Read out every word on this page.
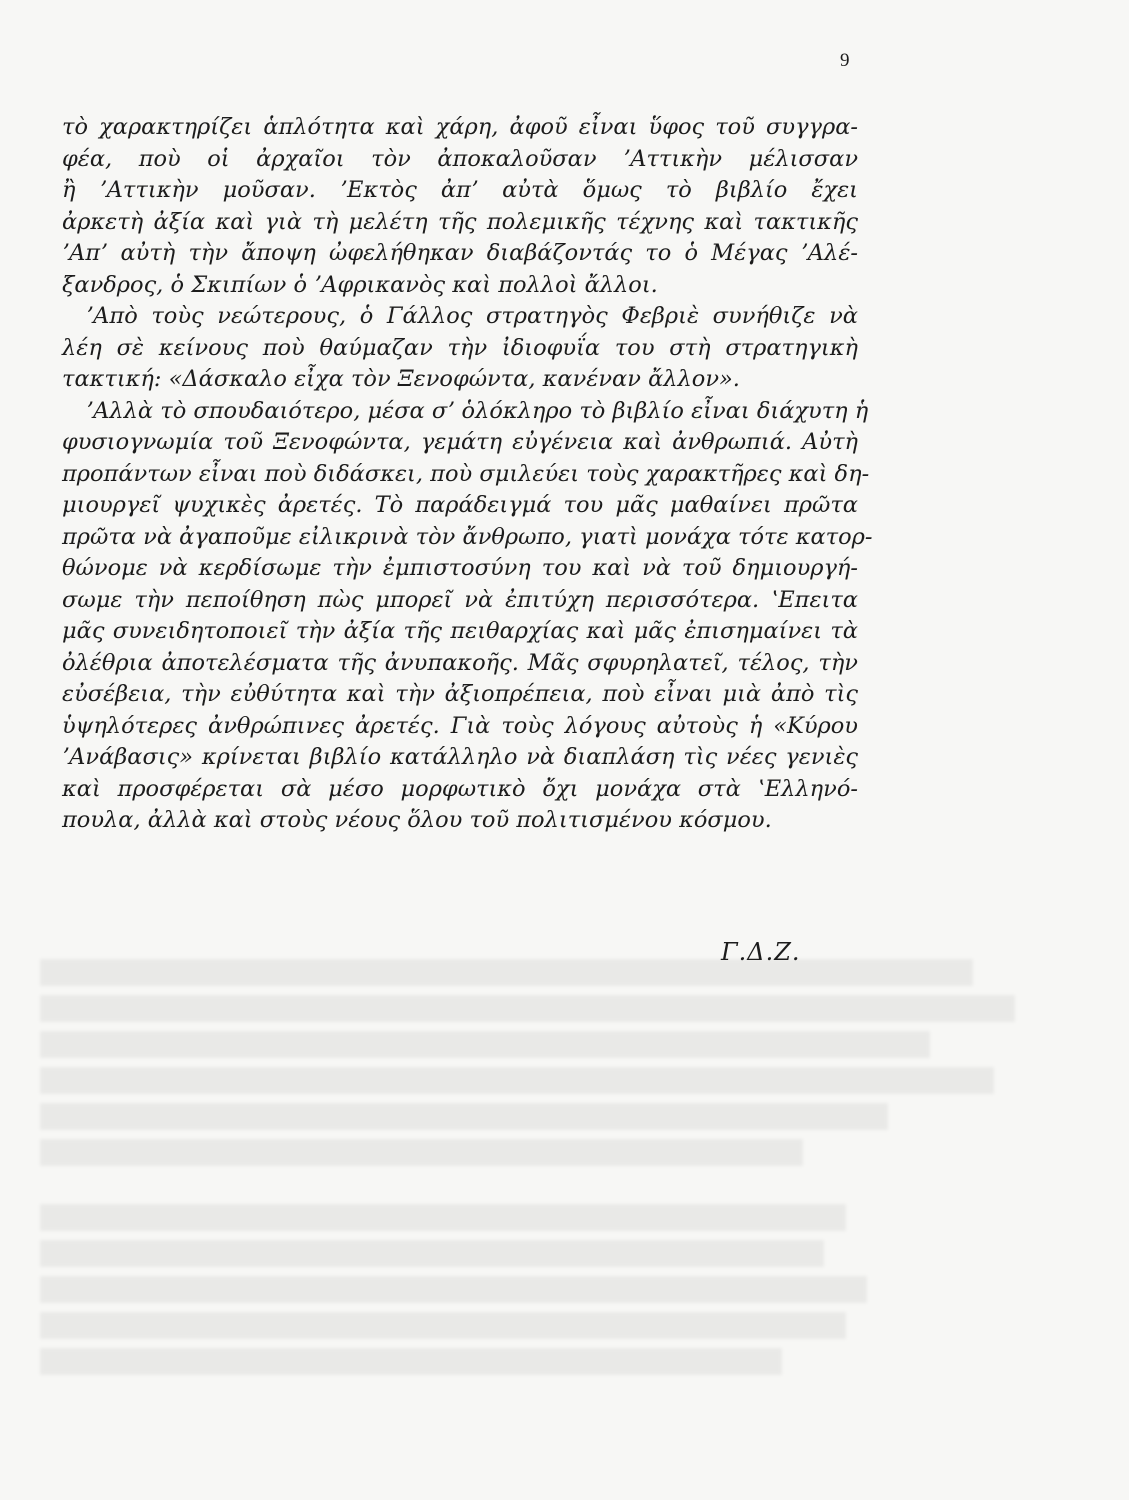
9
τὸ χαρακτηρίζει ἁπλότητα καὶ χάρη, ἀφοῦ εἶναι ὕφος τοῦ συγγρα-
φέα, ποὺ οἱ ἀρχαῖοι τὸν ἀποκαλοῦσαν ʼΑττικὴν μέλισσαν
ἢ ʼΑττικὴν μοῦσαν. ʼΕκτὸς ἀπʼ αὐτὰ ὅμως τὸ βιβλίο ἔχει
ἀρκετὴ ἀξία καὶ γιὰ τὴ μελέτη τῆς πολεμικῆς τέχνης καὶ τακτικῆς
ʼΑπʼ αὐτὴ τὴν ἄποψη ὠφελήθηκαν διαβάζοντάς το ὁ Μέγας ʼΑλέ-
ξανδρος, ὁ Σκιπίων ὁ ʼΑφρικανὸς καὶ πολλοὶ ἄλλοι.
ʼΑπὸ τοὺς νεώτερους, ὁ Γάλλος στρατηγὸς Φεβριὲ συνήθιζε νὰ
λέη σὲ κείνους ποὺ θαύμαζαν τὴν ἰδιοφυΐα του στὴ στρατηγικὴ
τακτική: «Δάσκαλο εἶχα τὸν Ξενοφώντα, κανέναν ἄλλον».
ʼΑλλὰ τὸ σπουδαιότερο, μέσα σʼ ὁλόκληρο τὸ βιβλίο εἶναι διάχυτη ἡ
φυσιογνωμία τοῦ Ξενοφώντα, γεμάτη εὐγένεια καὶ ἀνθρωπιά. Αὐτὴ
προπάντων εἶναι ποὺ διδάσκει, ποὺ σμιλεύει τοὺς χαρακτῆρες καὶ δη-
μιουργεῖ ψυχικὲς ἀρετές. Τὸ παράδειγμά του μᾶς μαθαίνει πρῶτα
πρῶτα νὰ ἀγαποῦμε εἰλικρινὰ τὸν ἄνθρωπο, γιατὶ μονάχα τότε κατορ-
θώνομε νὰ κερδίσωμε τὴν ἐμπιστοσύνη του καὶ νὰ τοῦ δημιουργή-
σωμε τὴν πεποίθηση πὼς μπορεῖ νὰ ἐπιτύχη περισσότερα. ʽΕπειτα
μᾶς συνειδητοποιεῖ τὴν ἀξία τῆς πειθαρχίας καὶ μᾶς ἐπισημαίνει τὰ
ὀλέθρια ἀποτελέσματα τῆς ἀνυπακοῆς. Μᾶς σφυρηλατεῖ, τέλος, τὴν
εὐσέβεια, τὴν εὐθύτητα καὶ τὴν ἀξιοπρέπεια, ποὺ εἶναι μιὰ ἀπὸ τὶς
ὑψηλότερες ἀνθρώπινες ἀρετές. Γιὰ τοὺς λόγους αὐτοὺς ἡ «Κύρου
ʼΑνάβασις» κρίνεται βιβλίο κατάλληλο νὰ διαπλάση τὶς νέες γενιὲς
καὶ προσφέρεται σὰ μέσο μορφωτικὸ ὄχι μονάχα στὰ ʽΕλληνό-
πουλα, ἀλλὰ καὶ στοὺς νέους ὅλου τοῦ πολιτισμένου κόσμου.
Γ.Δ.Ζ.
